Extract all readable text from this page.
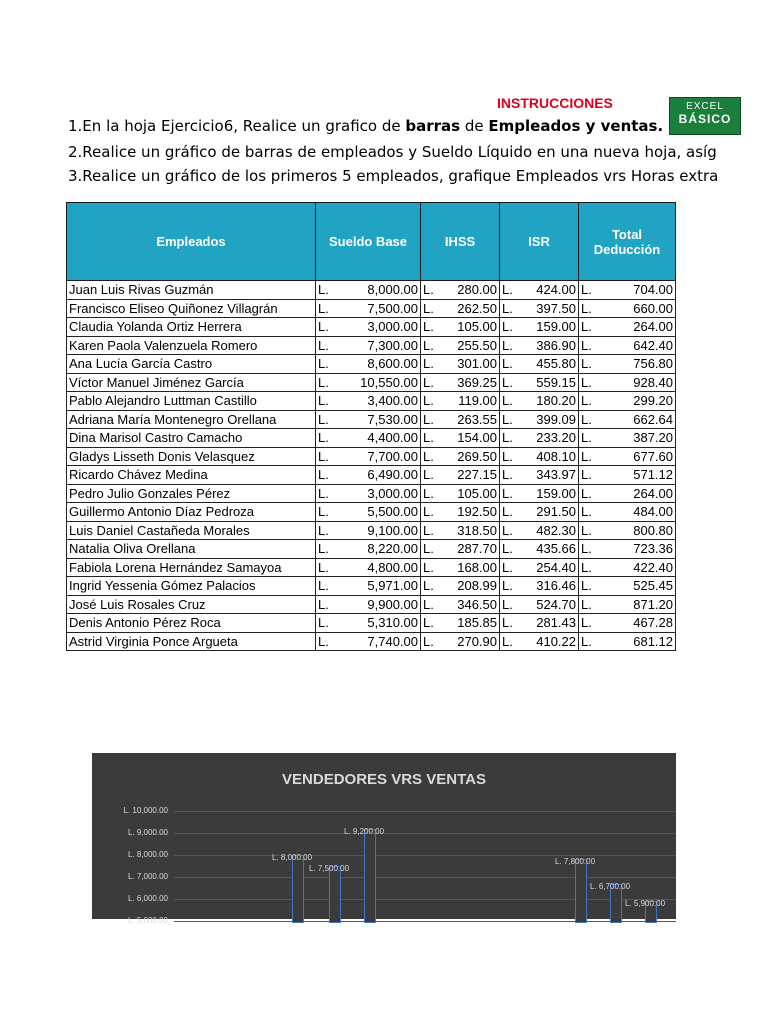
INSTRUCCIONES	EXCEL
BÁSICO
1.En la hoja Ejercicio6, Realice un grafico de barras de Empleados y ventas.
2.Realice un gráfico de barras de empleados y Sueldo Líquido en una nueva hoja, asíg
3.Realice un gráfico de los primeros 5 empleados, grafique Empleados vrs Horas extra
Empleados	Sueldo Base		IHSS		ISR		Total Deducción	
Juan Luis Rivas Guzmán	L.	8,000.00	L.	280.00	L.	424.00	L.	704.00
Francisco Eliseo Quiñonez Villagrán	L.	7,500.00	L.	262.50	L.	397.50	L.	660.00
Claudia Yolanda Ortiz Herrera	L.	3,000.00	L.	105.00	L.	159.00	L.	264.00
Karen Paola Valenzuela Romero	L.	7,300.00	L.	255.50	L.	386.90	L.	642.40
Ana Lucía García Castro	L.	8,600.00	L.	301.00	L.	455.80	L.	756.80
Víctor Manuel Jiménez García	L.	10,550.00	L.	369.25	L.	559.15	L.	928.40
Pablo Alejandro Luttman Castillo	L.	3,400.00	L.	119.00	L.	180.20	L.	299.20
Adriana María Montenegro Orellana	L.	7,530.00	L.	263.55	L.	399.09	L.	662.64
Dina Marisol Castro Camacho	L.	4,400.00	L.	154.00	L.	233.20	L.	387.20
Gladys Lisseth Donis Velasquez	L.	7,700.00	L.	269.50	L.	408.10	L.	677.60
Ricardo Chávez Medina	L.	6,490.00	L.	227.15	L.	343.97	L.	571.12
Pedro Julio Gonzales Pérez	L.	3,000.00	L.	105.00	L.	159.00	L.	264.00
Guillermo Antonio Díaz Pedroza	L.	5,500.00	L.	192.50	L.	291.50	L.	484.00
Luis Daniel Castañeda Morales	L.	9,100.00	L.	318.50	L.	482.30	L.	800.80
Natalia Oliva Orellana	L.	8,220.00	L.	287.70	L.	435.66	L.	723.36
Fabiola Lorena Hernández Samayoa	L.	4,800.00	L.	168.00	L.	254.40	L.	422.40
Ingrid Yessenia Gómez Palacios	L.	5,971.00	L.	208.99	L.	316.46	L.	525.45
José Luis Rosales Cruz	L.	9,900.00	L.	346.50	L.	524.70	L.	871.20
Denis Antonio Pérez Roca	L.	5,310.00	L.	185.85	L.	281.43	L.	467.28
Astrid Virginia Ponce Argueta	L.	7,740.00	L.	270.90	L.	410.22	L.	681.12
VENDEDORES VRS VENTAS
L. 10,000.00
L. 9,000.00
L. 8,000.00
L. 7,000.00
L. 6,000.00
L. 5,000.00
L. 8,000.00
L. 7,500.00
L. 9,200.00
L. 7,800.00
L. 6,700.00
L. 5,900.00
